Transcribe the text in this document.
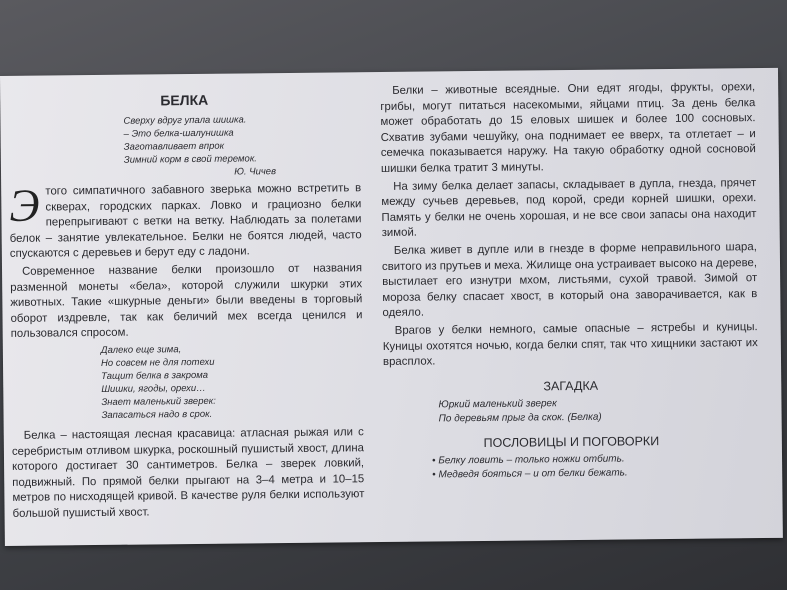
БЕЛКА
Сверху вдруг упала шишка.
– Это белка-шалунишка
Заготавливает впрок
Зимний корм в свой теремок.
Ю. Чичев

Этого симпатичного забавного зверька можно встретить в скверах, городских парках. Ловко и грациозно белки перепрыгивают с ветки на ветку. Наблюдать за полетами белок – занятие увлекательное. Белки не боятся людей, часто спускаются с деревьев и берут еду с ладони.

Современное название белки произошло от названия разменной монеты «бела», которой служили шкурки этих животных. Такие «шкурные деньги» были введены в торговый оборот издревле, так как беличий мех всегда ценился и пользовался спросом.

Далеко еще зима,
Но совсем не для потехи
Тащит белка в закрома
Шишки, ягоды, орехи…
Знает маленький зверек:
Запасаться надо в срок.

Белка – настоящая лесная красавица: атласная рыжая или с серебристым отливом шкурка, роскошный пушистый хвост, длина которого достигает 30 сантиметров. Белка – зверек ловкий, подвижный. По прямой белки прыгают на 3–4 метра и 10–15 метров по нисходящей кривой. В качестве руля белки используют большой пушистый хвост.

Белки – животные всеядные. Они едят ягоды, фрукты, орехи, грибы, могут питаться насекомыми, яйцами птиц. За день белка может обработать до 15 еловых шишек и более 100 сосновых. Схватив зубами чешуйку, она поднимает ее вверх, та отлетает – и семечка показывается наружу. На такую обработку одной сосновой шишки белка тратит 3 минуты.

На зиму белка делает запасы, складывает в дупла, гнезда, прячет между сучьев деревьев, под корой, среди корней шишки, орехи. Память у белки не очень хорошая, и не все свои запасы она находит зимой.

Белка живет в дупле или в гнезде в форме неправильного шара, свитого из прутьев и меха. Жилище она устраивает высоко на дереве, выстилает его изнутри мхом, листьями, сухой травой. Зимой от мороза белку спасает хвост, в который она заворачивается, как в одеяло.

Врагов у белки немного, самые опасные – ястребы и куницы. Куницы охотятся ночью, когда белки спят, так что хищники застают их врасплох.

ЗАГАДКА
Юркий маленький зверек
По деревьям прыг да скок. (Белка)
ПОСЛОВИЦЫ И ПОГОВОРКИ
• Белку ловить – только ножки отбить.
• Медведя бояться – и от белки бежать.
